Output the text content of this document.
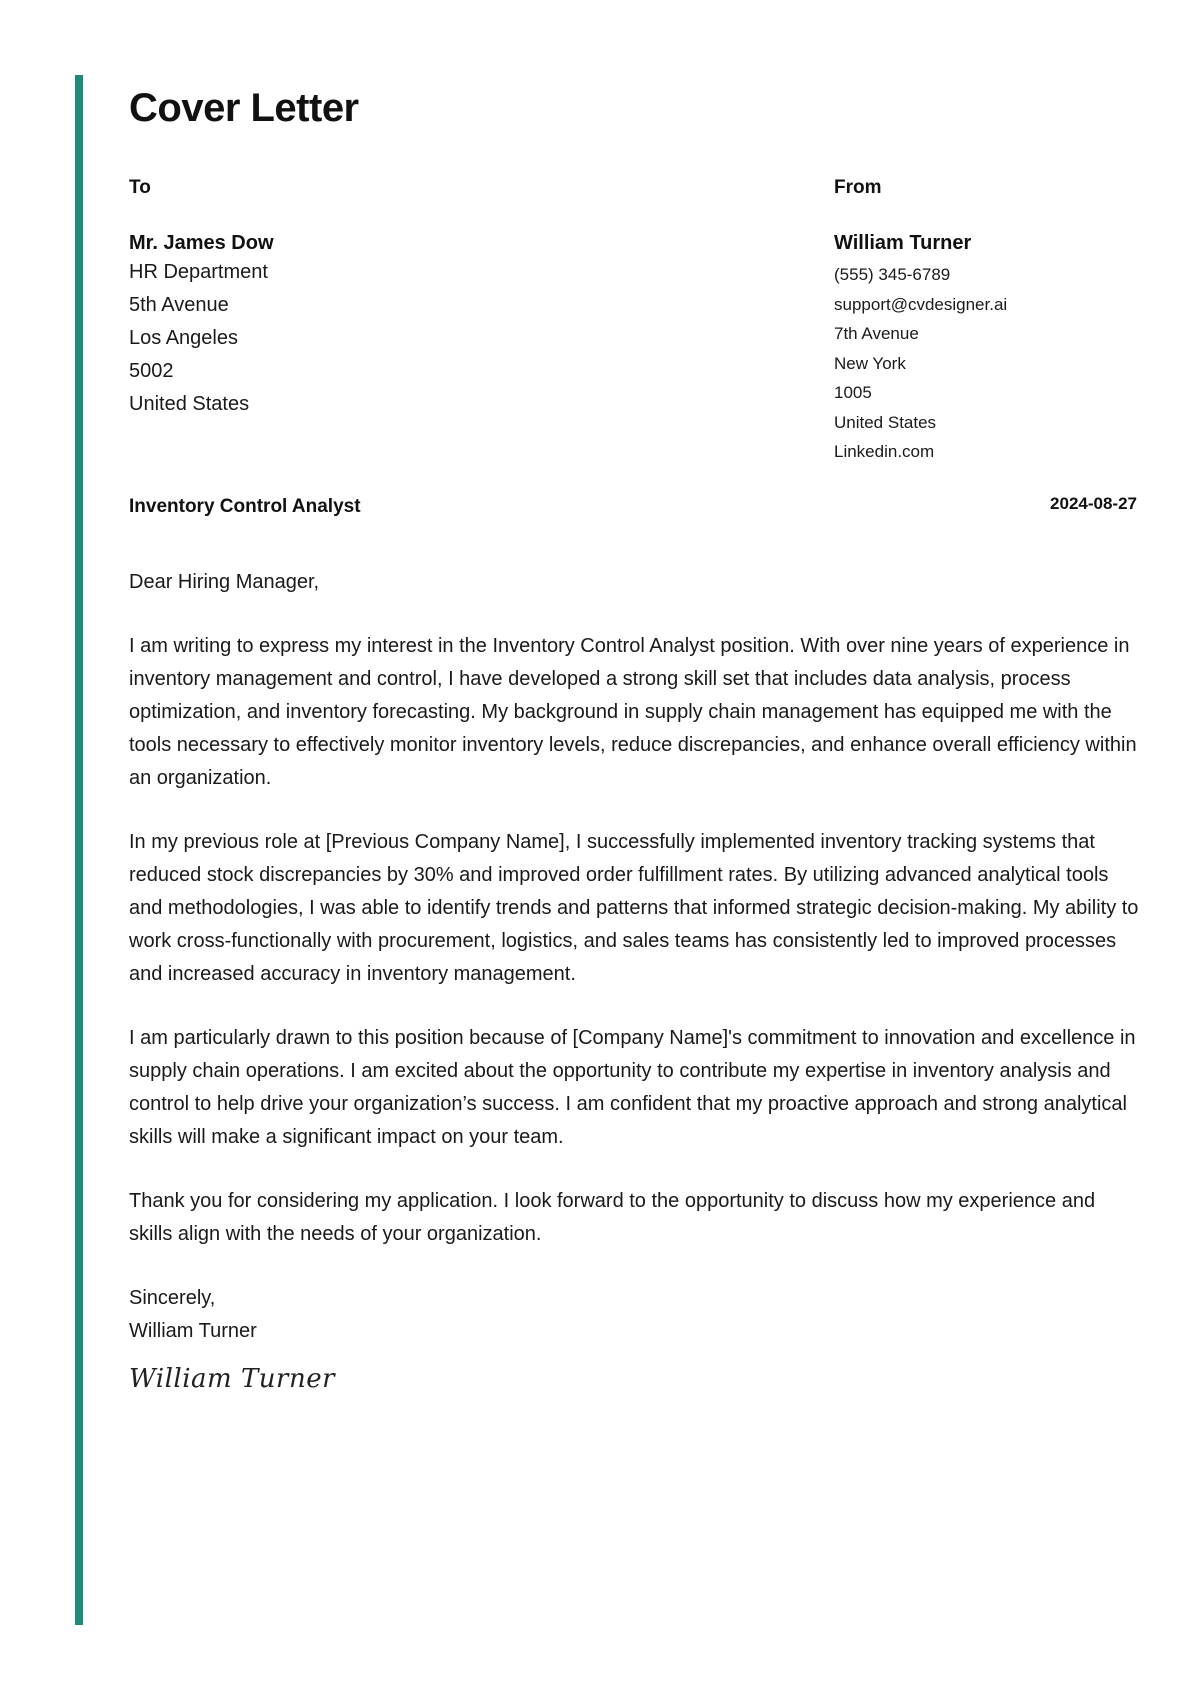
Cover Letter
To
Mr. James Dow
HR Department
5th Avenue
Los Angeles
5002
United States
From
William Turner
(555) 345-6789
support@cvdesigner.ai
7th Avenue
New York
1005
United States
Linkedin.com
Inventory Control Analyst	2024-08-27
Dear Hiring Manager,
I am writing to express my interest in the Inventory Control Analyst position. With over nine years of experience in inventory management and control, I have developed a strong skill set that includes data analysis, process optimization, and inventory forecasting. My background in supply chain management has equipped me with the tools necessary to effectively monitor inventory levels, reduce discrepancies, and enhance overall efficiency within an organization.
In my previous role at [Previous Company Name], I successfully implemented inventory tracking systems that reduced stock discrepancies by 30% and improved order fulfillment rates. By utilizing advanced analytical tools and methodologies, I was able to identify trends and patterns that informed strategic decision-making. My ability to work cross-functionally with procurement, logistics, and sales teams has consistently led to improved processes and increased accuracy in inventory management.
I am particularly drawn to this position because of [Company Name]'s commitment to innovation and excellence in supply chain operations. I am excited about the opportunity to contribute my expertise in inventory analysis and control to help drive your organization’s success. I am confident that my proactive approach and strong analytical skills will make a significant impact on your team.
Thank you for considering my application. I look forward to the opportunity to discuss how my experience and skills align with the needs of your organization.
Sincerely,
William Turner
William Turner
